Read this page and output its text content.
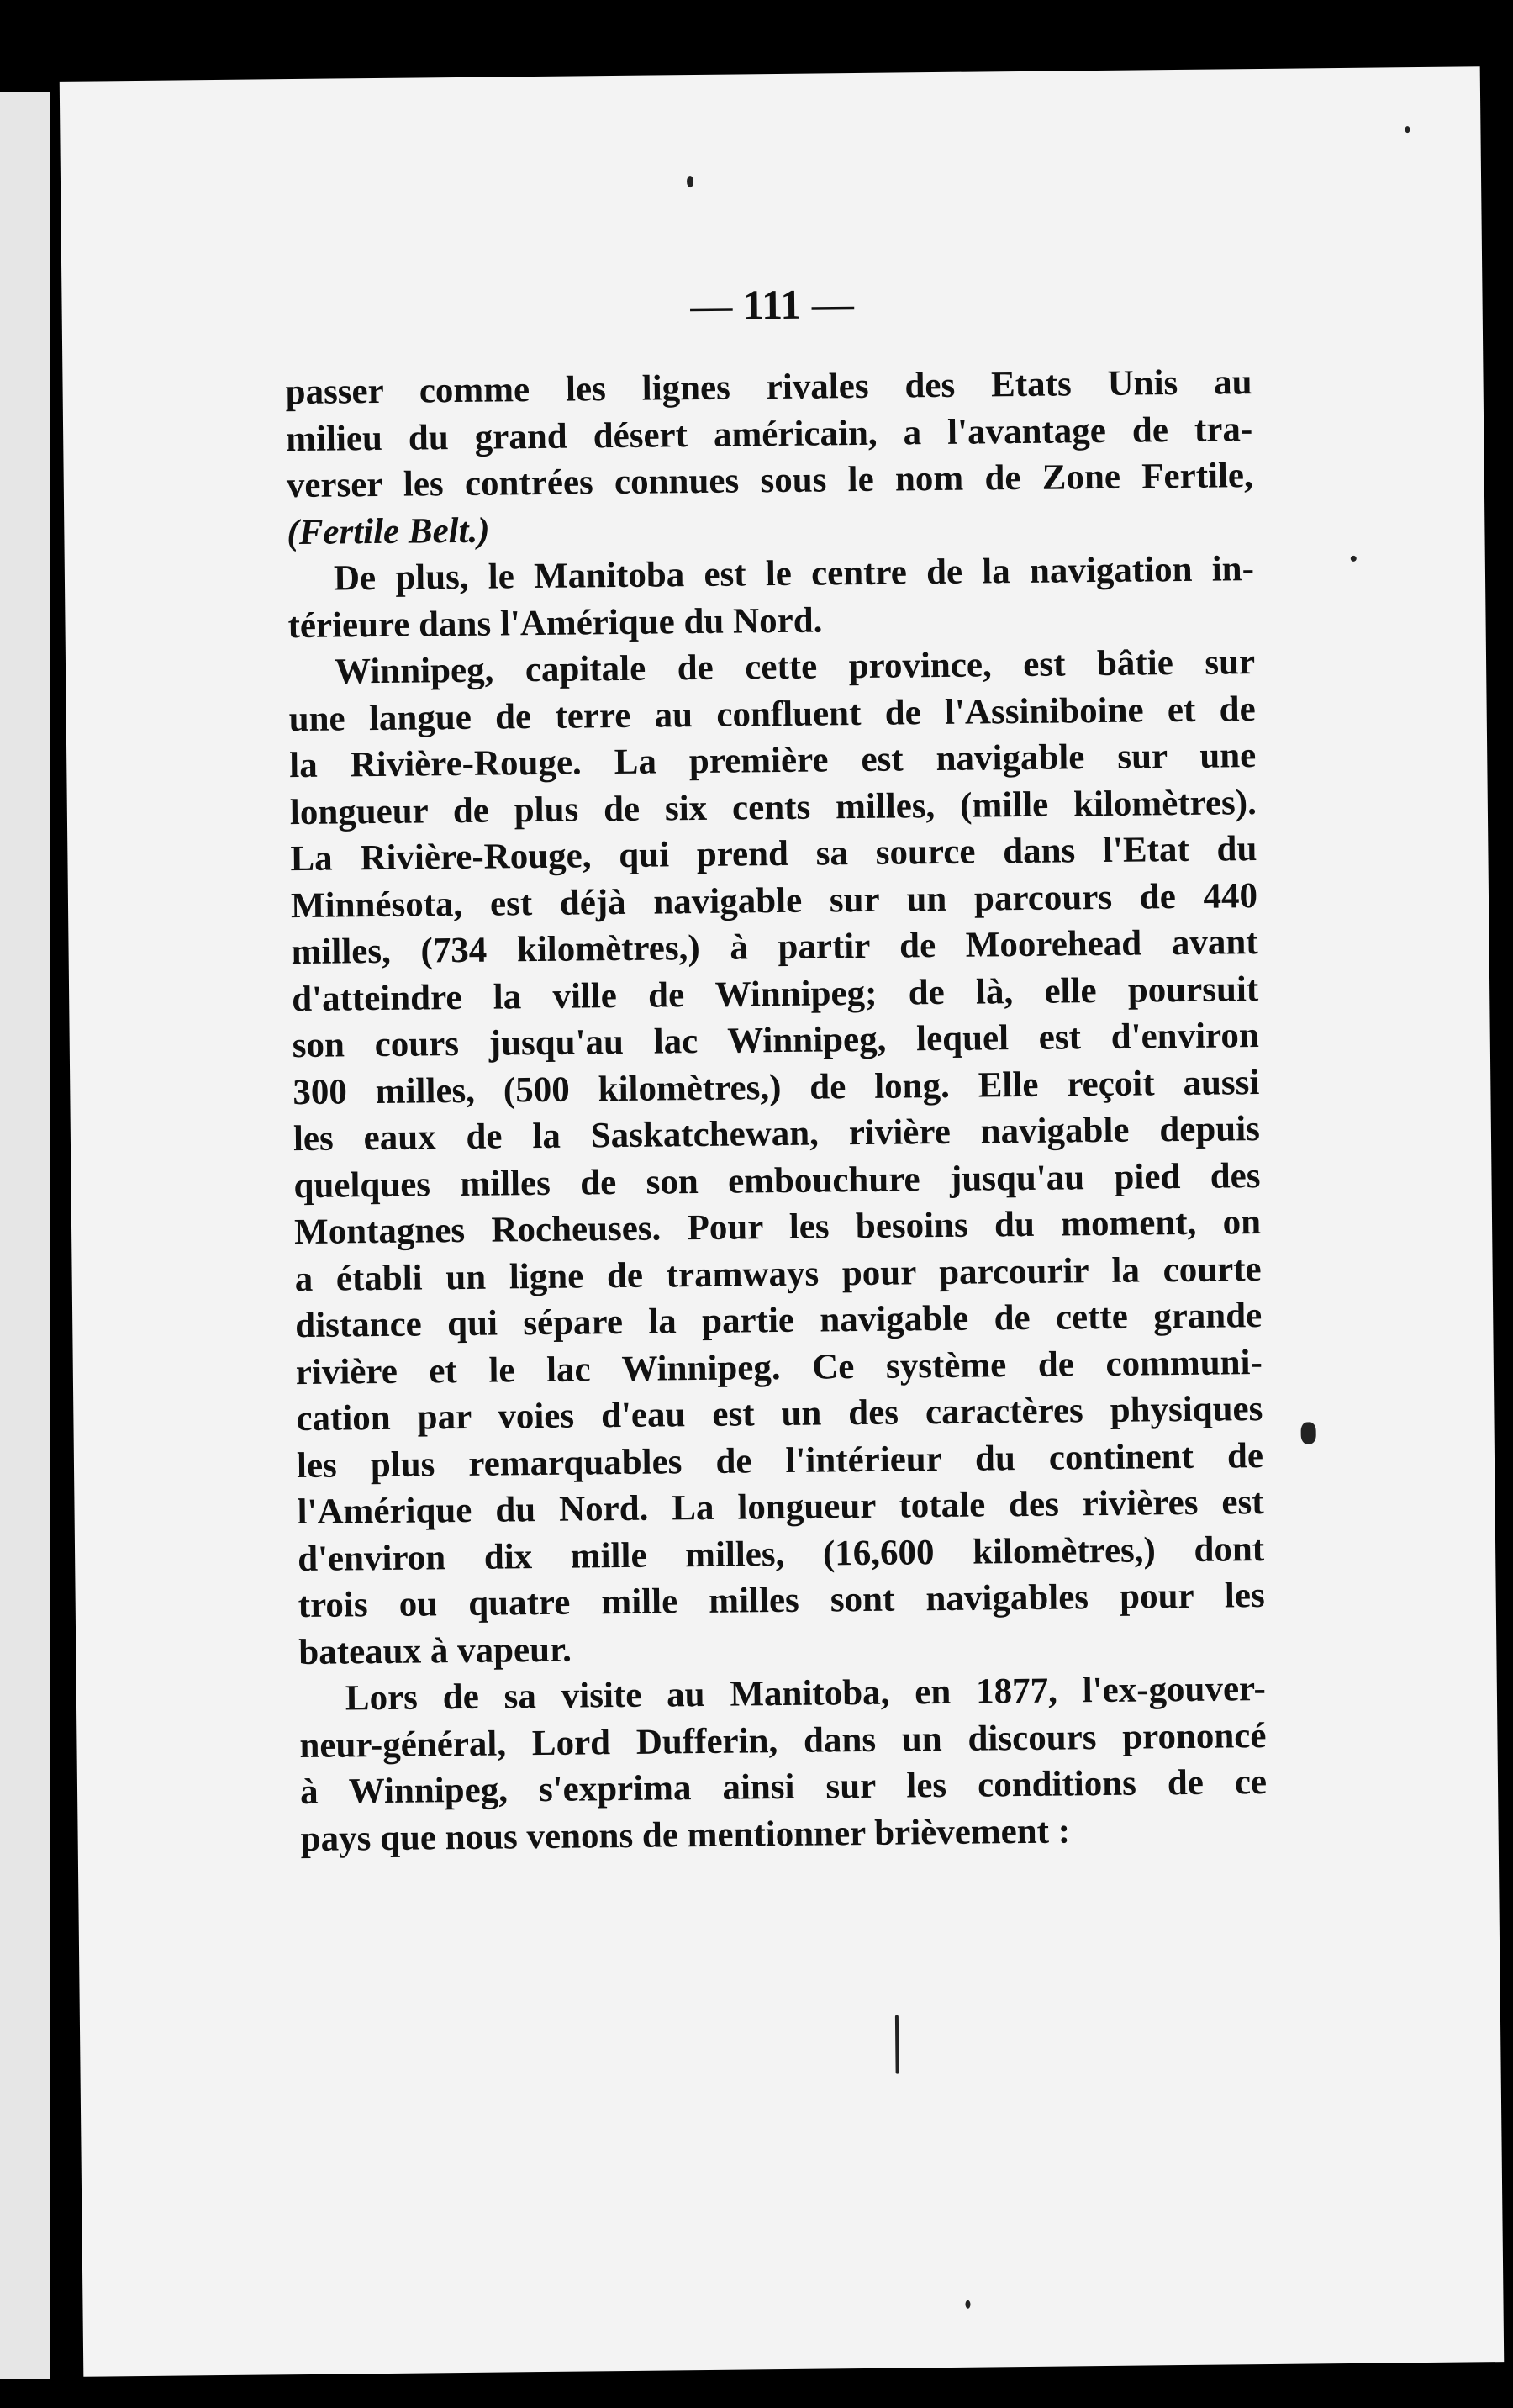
— 111 —

passer comme les lignes rivales des Etats Unis au
milieu du grand désert américain, a l'avantage de tra-
verser les contrées connues sous le nom de Zone Fertile,
(Fertile Belt.)

De plus, le Manitoba est le centre de la navigation in-
térieure dans l'Amérique du Nord.

Winnipeg, capitale de cette province, est bâtie sur
une langue de terre au confluent de l'Assiniboine et de
la Rivière-Rouge. La première est navigable sur une
longueur de plus de six cents milles, (mille kilomètres).
La Rivière-Rouge, qui prend sa source dans l'Etat du
Minnésota, est déjà navigable sur un parcours de 440
milles, (734 kilomètres,) à partir de Moorehead avant
d'atteindre la ville de Winnipeg; de là, elle poursuit
son cours jusqu'au lac Winnipeg, lequel est d'environ
300 milles, (500 kilomètres,) de long. Elle reçoit aussi
les eaux de la Saskatchewan, rivière navigable depuis
quelques milles de son embouchure jusqu'au pied des
Montagnes Rocheuses. Pour les besoins du moment, on
a établi un ligne de tramways pour parcourir la courte
distance qui sépare la partie navigable de cette grande
rivière et le lac Winnipeg. Ce système de communi-
cation par voies d'eau est un des caractères physiques
les plus remarquables de l'intérieur du continent de
l'Amérique du Nord. La longueur totale des rivières est
d'environ dix mille milles, (16,600 kilomètres,) dont
trois ou quatre mille milles sont navigables pour les
bateaux à vapeur.

Lors de sa visite au Manitoba, en 1877, l'ex-gouver-
neur-général, Lord Dufferin, dans un discours prononcé
à Winnipeg, s'exprima ainsi sur les conditions de ce
pays que nous venons de mentionner brièvement :
